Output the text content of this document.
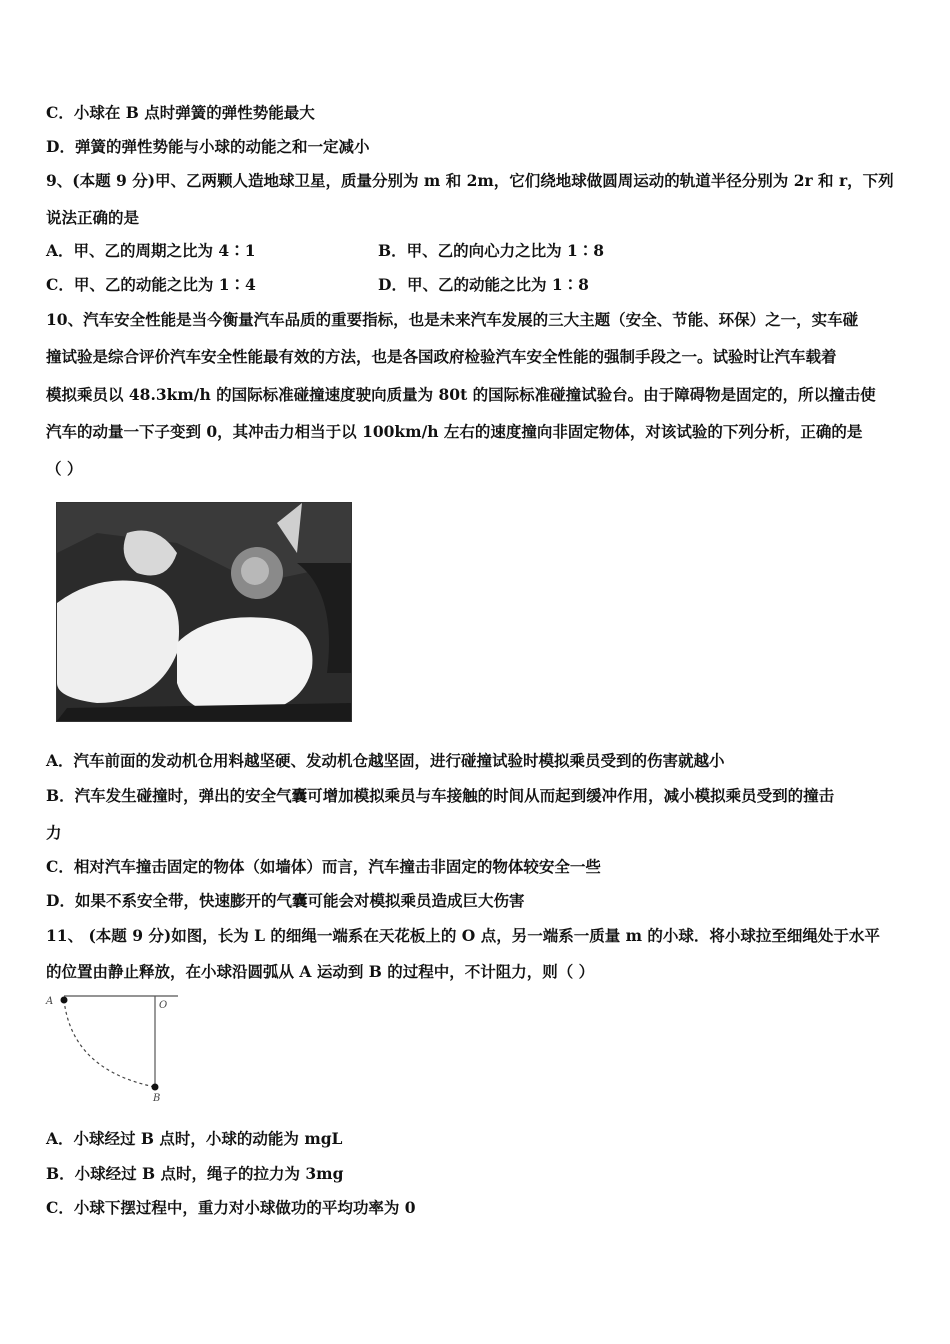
C．小球在 B 点时弹簧的弹性势能最大
D．弹簧的弹性势能与小球的动能之和一定减小
9、(本题 9 分)甲、乙两颗人造地球卫星，质量分别为 m 和 2m，它们绕地球做圆周运动的轨道半径分别为 2r 和 r，下列
说法正确的是
A．甲、乙的周期之比为 4∶1	B．甲、乙的向心力之比为 1∶8
C．甲、乙的动能之比为 1∶4	D．甲、乙的动能之比为 1∶8
10、汽车安全性能是当今衡量汽车品质的重要指标，也是未来汽车发展的三大主题（安全、节能、环保）之一，实车碰
撞试验是综合评价汽车安全性能最有效的方法，也是各国政府检验汽车安全性能的强制手段之一。试验时让汽车载着
模拟乘员以 48.3km/h 的国际标准碰撞速度驶向质量为 80t 的国际标准碰撞试验台。由于障碍物是固定的，所以撞击使
汽车的动量一下子变到 0，其冲击力相当于以 100km/h 左右的速度撞向非固定物体，对该试验的下列分析，正确的是
（ ）
A．汽车前面的发动机仓用料越坚硬、发动机仓越坚固，进行碰撞试验时模拟乘员受到的伤害就越小
B．汽车发生碰撞时，弹出的安全气囊可增加模拟乘员与车接触的时间从而起到缓冲作用，减小模拟乘员受到的撞击
力
C．相对汽车撞击固定的物体（如墙体）而言，汽车撞击非固定的物体较安全一些
D．如果不系安全带，快速膨开的气囊可能会对模拟乘员造成巨大伤害
11、 (本题 9 分)如图，长为 L 的细绳一端系在天花板上的 O 点，另一端系一质量 m 的小球．将小球拉至细绳处于水平
的位置由静止释放，在小球沿圆弧从 A 运动到 B 的过程中，不计阻力，则（ ）
A	O
B
A．小球经过 B 点时，小球的动能为 mgL
B．小球经过 B 点时，绳子的拉力为 3mg
C．小球下摆过程中，重力对小球做功的平均功率为 0
